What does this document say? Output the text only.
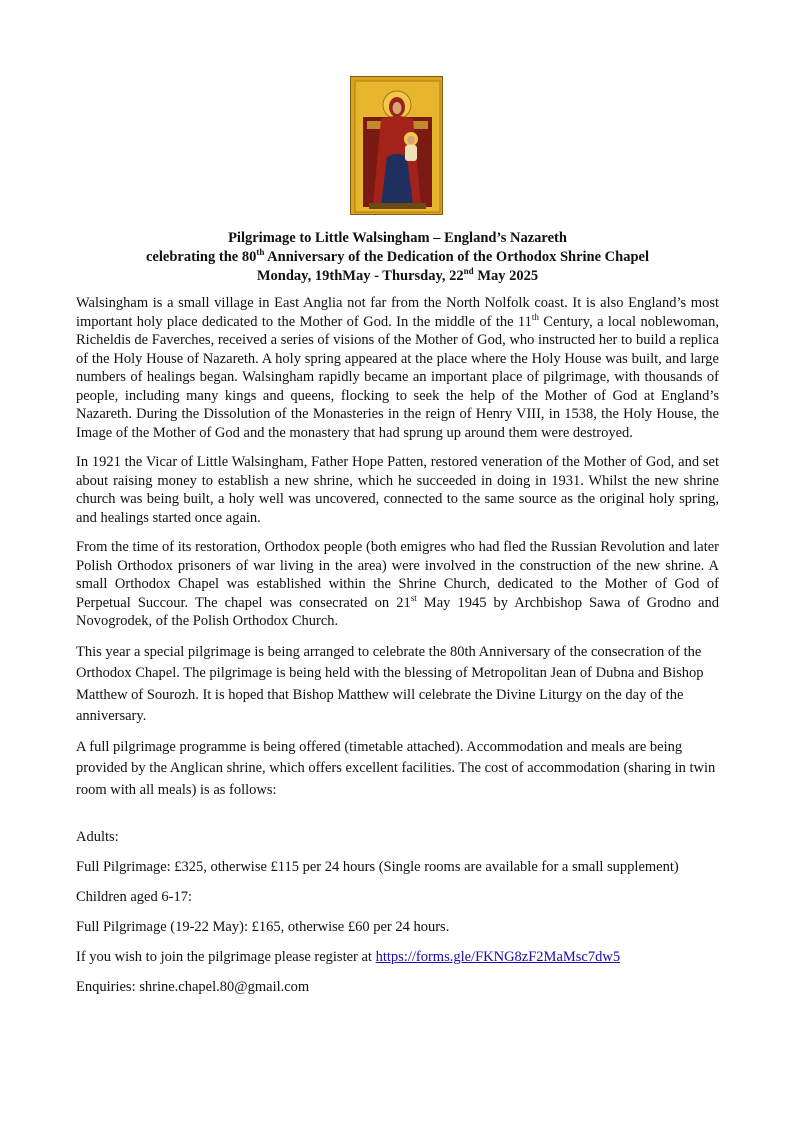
Pilgrimage to Little Walsingham – England’s Nazareth
celebrating the 80th Anniversary of the Dedication of the Orthodox Shrine Chapel
Monday, 19thMay - Thursday, 22nd May 2025

Walsingham is a small village in East Anglia not far from the North Nolfolk coast. It is also England’s most important holy place dedicated to the Mother of God. In the middle of the 11th Century, a local noblewoman, Richeldis de Faverches, received a series of visions of the Mother of God, who instructed her to build a replica of the Holy House of Nazareth. A holy spring appeared at the place where the Holy House was built, and large numbers of healings began. Walsingham rapidly became an important place of pilgrimage, with thousands of people, including many kings and queens, flocking to seek the help of the Mother of God at England’s Nazareth. During the Dissolution of the Monasteries in the reign of Henry VIII, in 1538, the Holy House, the Image of the Mother of God and the monastery that had sprung up around them were destroyed.

In 1921 the Vicar of Little Walsingham, Father Hope Patten, restored veneration of the Mother of God, and set about raising money to establish a new shrine, which he succeeded in doing in 1931. Whilst the new shrine church was being built, a holy well was uncovered, connected to the same source as the original holy spring, and healings started once again.

From the time of its restoration, Orthodox people (both emigres who had fled the Russian Revolution and later Polish Orthodox prisoners of war living in the area) were involved in the construction of the new shrine. A small Orthodox Chapel was established within the Shrine Church, dedicated to the Mother of God of Perpetual Succour. The chapel was consecrated on 21st May 1945 by Archbishop Sawa of Grodno and Novogrodek, of the Polish Orthodox Church.

This year a special pilgrimage is being arranged to celebrate the 80th Anniversary of the consecration of the Orthodox Chapel. The pilgrimage is being held with the blessing of Metropolitan Jean of Dubna and Bishop Matthew of Sourozh. It is hoped that Bishop Matthew will celebrate the Divine Liturgy on the day of the anniversary.

A full pilgrimage programme is being offered (timetable attached). Accommodation and meals are being provided by the Anglican shrine, which offers excellent facilities. The cost of accommodation (sharing in twin room with all meals) is as follows:

Adults:

Full Pilgrimage: £325, otherwise £115 per 24 hours (Single rooms are available for a small supplement)

Children aged 6-17:

Full Pilgrimage (19-22 May): £165, otherwise £60 per 24 hours.

If you wish to join the pilgrimage please register at https://forms.gle/FKNG8zF2MaMsc7dw5

Enquiries: shrine.chapel.80@gmail.com
